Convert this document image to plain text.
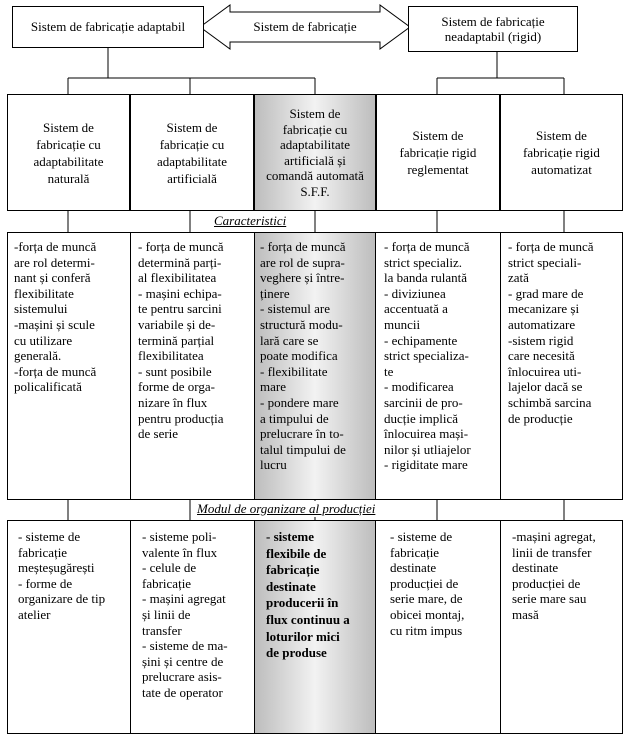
Sistem de fabricație adaptabil	Sistem de fabricație	Sistem de fabricație neadaptabil (rigid)
Sistem de fabricație cu adaptabilitate naturală
Sistem de fabricație cu adaptabilitate artificială
Sistem de fabricație cu adaptabilitate artificială și comandă automată S.F.F.
Sistem de fabricație rigid reglementat
Sistem de fabricație rigid automatizat
Caracteristici
-forța de muncă
are rol determi-
nant și conferă
flexibilitate
sistemului
-mașini și scule
cu utilizare
generală.
-forța de muncă
policalificată
- forța de muncă
determină parți-
al flexibilitatea
- mașini echipa-
te pentru sarcini
variabile și de-
termină parțial
flexibilitatea
- sunt posibile
forme de orga-
nizare în flux
pentru producția
de serie
- forța de muncă
are rol de supra-
veghere și între-
ținere
- sistemul are
structură modu-
lară care se
poate modifica
- flexibilitate
mare
- pondere mare
a timpului de
prelucrare în to-
talul timpului de
lucru
- forța de muncă
strict specializ.
la banda rulantă
- diviziunea
accentuată a
muncii
- echipamente
strict specializa-
te
- modificarea
sarcinii de pro-
ducție implică
înlocuirea mași-
nilor și utliajelor
- rigiditate mare
- forța de muncă
strict speciali-
zată
- grad mare de
mecanizare și
automatizare
-sistem rigid
care necesită
înlocuirea uti-
lajelor dacă se
schimbă sarcina
de producție
Modul de organizare al producției
- sisteme de
fabricație
meșteșugărești
- forme de
organizare de tip
atelier
- sisteme poli-
valente în flux
- celule de
fabricație
- mașini agregat
și linii de
transfer
- sisteme de ma-
șini și centre de
prelucrare asis-
tate de operator
- sisteme
flexibile de
fabricație
destinate
producerii în
flux continuu a
loturilor mici
de produse
- sisteme de
fabricație
destinate
producției de
serie mare, de
obicei montaj,
cu ritm impus
-mașini agregat,
linii de transfer
destinate
producției de
serie mare sau
masă
